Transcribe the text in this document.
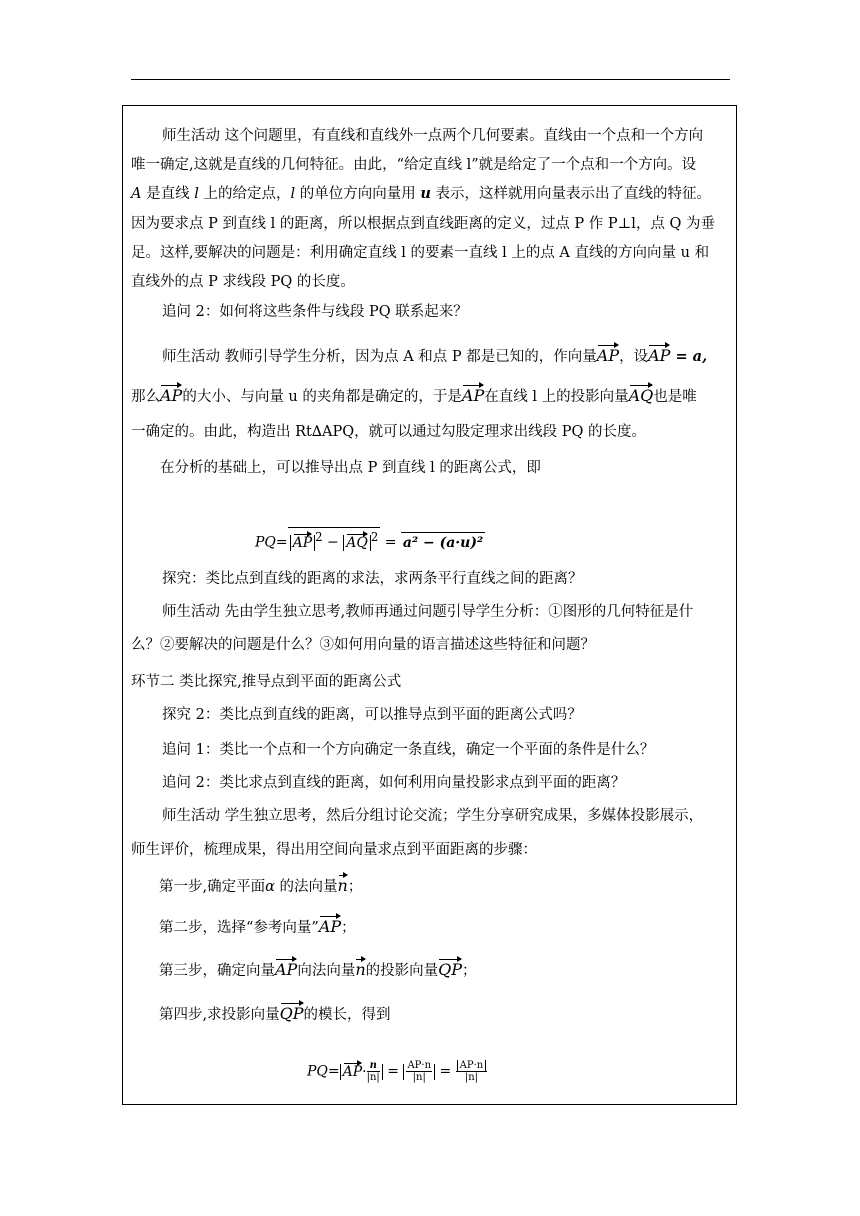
师生活动 这个问题里，有直线和直线外一点两个几何要素。直线由一个点和一个方向
唯一确定,这就是直线的几何特征。由此，“给定直线 l”就是给定了一个点和一个方向。设
A 是直线 l 上的给定点，l 的单位方向向量用 u 表示，这样就用向量表示出了直线的特征。
因为要求点 P 到直线 l 的距离，所以根据点到直线距离的定义，过点 P 作 P⊥l，点 Q 为垂
足。这样,要解决的问题是：利用确定直线 l 的要素一直线 l 上的点 A 直线的方向向量 u 和
直线外的点 P 求线段 PQ 的长度。
追问 2：如何将这些条件与线段 PQ 联系起来？
师生活动 教师引导学生分析，因为点 A 和点 P 都是已知的，作向量AP，设AP = a,
那么AP的大小、与向量 u 的夹角都是确定的，于是AP在直线 l 上的投影向量AQ也是唯
一确定的。由此，构造出 Rt∆APQ，就可以通过勾股定理求出线段 PQ 的长度。
在分析的基础上，可以推导出点 P 到直线 l 的距离公式，即
PQ= AP $^2$ − AQ $^2$ = a² − (a·u)²
探究：类比点到直线的距离的求法，求两条平行直线之间的距离？
师生活动 先由学生独立思考,教师再通过问题引导学生分析：①图形的几何特征是什
么？②要解决的问题是什么？③如何用向量的语言描述这些特征和问题？
环节二 类比探究,推导点到平面的距离公式
探究 2：类比点到直线的距离，可以推导点到平面的距离公式吗？
追问 1：类比一个点和一个方向确定一条直线，确定一个平面的条件是什么？
追问 2：类比求点到直线的距离，如何利用向量投影求点到平面的距离？
师生活动 学生独立思考，然后分组讨论交流；学生分享研究成果，多媒体投影展示，
师生评价，梳理成果，得出用空间向量求点到平面距离的步骤：
第一步,确定平面α 的法向量n；
第二步，选择“参考向量”AP；
第三步，确定向量AP向法向量n的投影向量QP；
第四步,求投影向量QP的模长，得到
$PQ= AP\cdot \frac{n}{|n|} = \frac{AP\cdot n}{|n|} = \frac{AP\cdot n}{|n|}$
